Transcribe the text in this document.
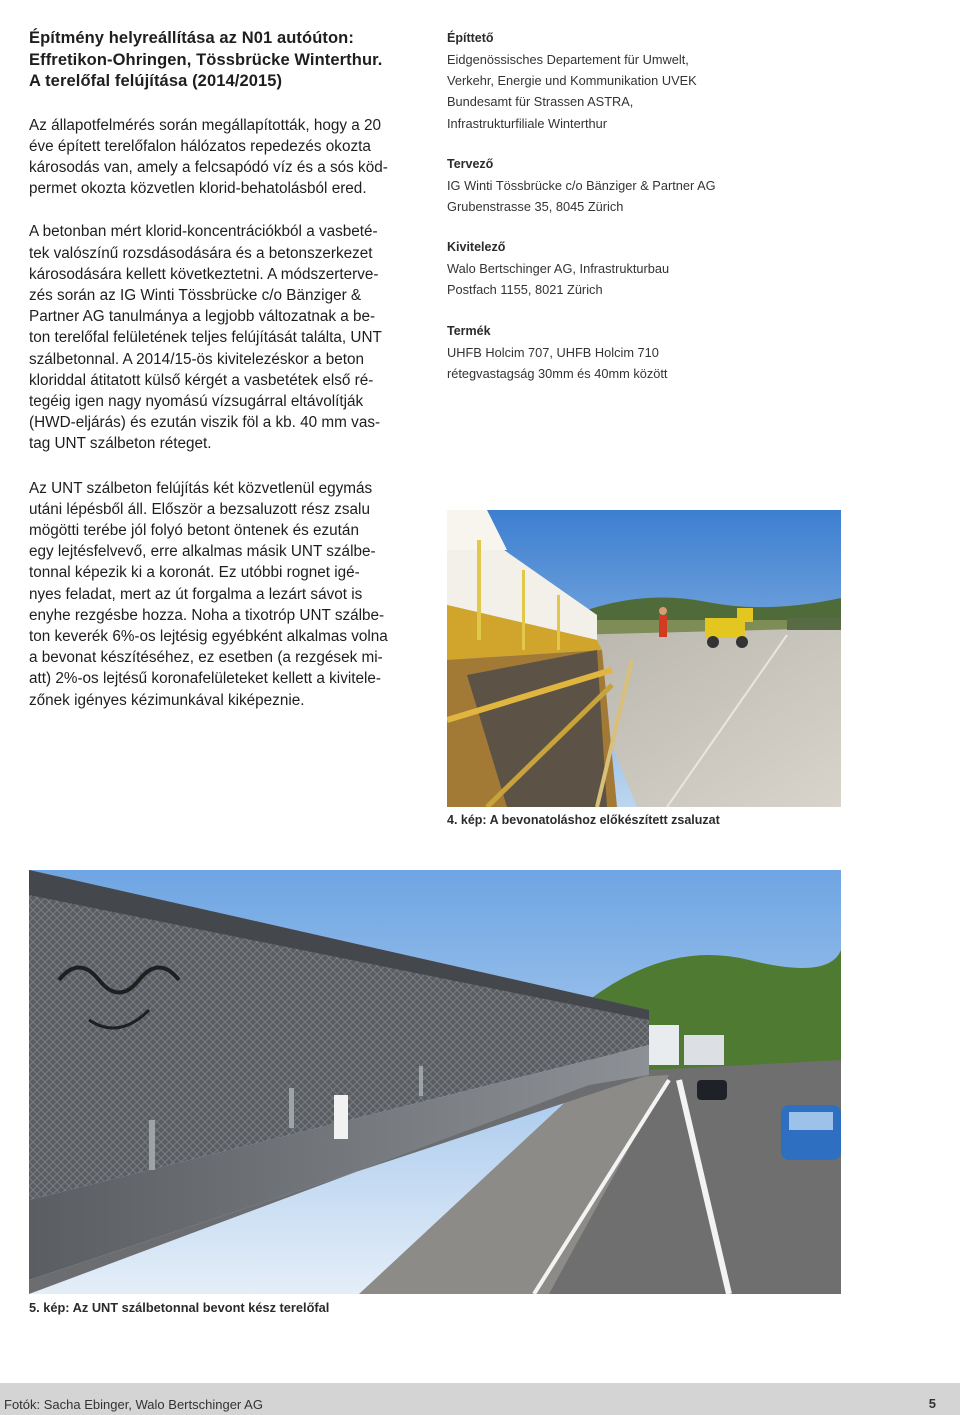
Építmény helyreállítása az N01 autóúton:
Effretikon-Ohringen, Tössbrücke Winterthur.
A terelőfal felújítása (2014/2015)

Az állapotfelmérés során megállapították, hogy a 20
éve épített terelőfalon hálózatos repedezés okozta
károsodás van, amely a felcsapódó víz és a sós köd-
permet okozta közvetlen klorid-behatolásból ered.

A betonban mért klorid-koncentrációkból a vasbeté-
tek valószínű rozsdásodására és a betonszerkezet
károsodására kellett következtetni. A módszerterve-
zés során az IG Winti Tössbrücke c/o Bänziger &
Partner AG tanulmánya a legjobb változatnak a be-
ton terelőfal felületének teljes felújítását találta, UNT
szálbetonnal. A 2014/15-ös kivitelezéskor a beton
kloriddal átitatott külső kérgét a vasbetétek első ré-
tegéig igen nagy nyomású vízsugárral eltávolítják
(HWD-eljárás) és ezután viszik föl a kb. 40 mm vas-
tag UNT szálbeton réteget.

Az UNT szálbeton felújítás két közvetlenül egymás
utáni lépésből áll. Először a bezsaluzott rész zsalu
mögötti terébe jól folyó betont öntenek és ezután
egy lejtésfelvevő, erre alkalmas másik UNT szálbe-
tonnal képezik ki a koronát. Ez utóbbi rognet igé-
nyes feladat, mert az út forgalma a lezárt sávot is
enyhe rezgésbe hozza. Noha a tixotróp UNT szálbe-
ton keverék 6%-os lejtésig egyébként alkalmas volna
a bevonat készítéséhez, ez esetben (a rezgések mi-
att) 2%-os lejtésű koronafelületeket kellett a kivitele-
zőnek igényes kézimunkával kiképeznie.

Építtető
Eidgenössisches Departement für Umwelt,
Verkehr, Energie und Kommunikation UVEK
Bundesamt für Strassen ASTRA,
Infrastrukturfiliale Winterthur
Tervező
IG Winti Tössbrücke c/o Bänziger & Partner AG
Grubenstrasse 35, 8045 Zürich
Kivitelező
Walo Bertschinger AG, Infrastrukturbau
Postfach 1155, 8021 Zürich
Termék
UHFB Holcim 707, UHFB Holcim 710
rétegvastagság 30mm és 40mm között
4. kép: A bevonatoláshoz előkészített zsaluzat
5. kép: Az UNT szálbetonnal bevont kész terelőfal
Fotók: Sacha Ebinger, Walo Bertschinger AG	5
